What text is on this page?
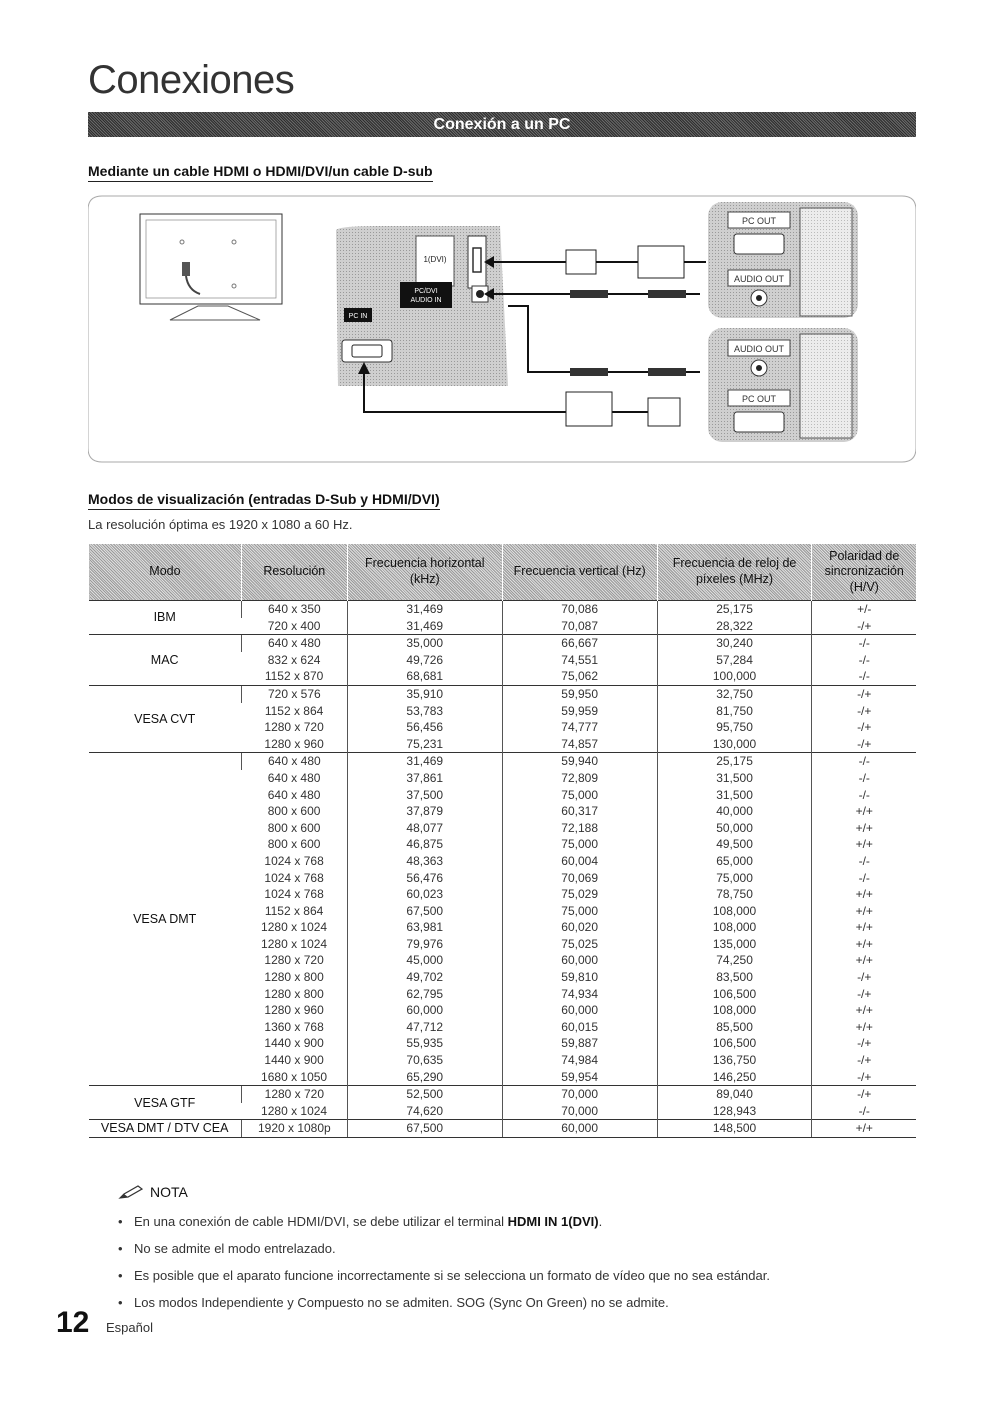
Conexiones
Conexión a un PC
Mediante un cable HDMI o HDMI/DVI/un cable D-sub
1(DVI)
PC/DVI
AUDIO IN
PC IN
PC OUT
AUDIO OUT
AUDIO OUT
PC OUT
Modos de visualización (entradas D-Sub y HDMI/DVI)
La resolución óptima es 1920 x 1080 a 60 Hz.
Modo	Resolución	Frecuencia horizontal (kHz)	Frecuencia vertical (Hz)	Frecuencia de reloj de píxeles (MHz)	Polaridad de sincronización (H/V)
IBM	640 x 350	31,469	70,086	25,175	+/-
	720 x 400	31,469	70,087	28,322	-/+
MAC	640 x 480	35,000	66,667	30,240	-/-
	832 x 624	49,726	74,551	57,284	-/-
	1152 x 870	68,681	75,062	100,000	-/-
VESA CVT	720 x 576	35,910	59,950	32,750	-/+
	1152 x 864	53,783	59,959	81,750	-/+
	1280 x 720	56,456	74,777	95,750	-/+
	1280 x 960	75,231	74,857	130,000	-/+
VESA DMT	640 x 480	31,469	59,940	25,175	-/-
	640 x 480	37,861	72,809	31,500	-/-
	640 x 480	37,500	75,000	31,500	-/-
	800 x 600	37,879	60,317	40,000	+/+
	800 x 600	48,077	72,188	50,000	+/+
	800 x 600	46,875	75,000	49,500	+/+
	1024 x 768	48,363	60,004	65,000	-/-
	1024 x 768	56,476	70,069	75,000	-/-
	1024 x 768	60,023	75,029	78,750	+/+
	1152 x 864	67,500	75,000	108,000	+/+
	1280 x 1024	63,981	60,020	108,000	+/+
	1280 x 1024	79,976	75,025	135,000	+/+
	1280 x 720	45,000	60,000	74,250	+/+
	1280 x 800	49,702	59,810	83,500	-/+
	1280 x 800	62,795	74,934	106,500	-/+
	1280 x 960	60,000	60,000	108,000	+/+
	1360 x 768	47,712	60,015	85,500	+/+
	1440 x 900	55,935	59,887	106,500	-/+
	1440 x 900	70,635	74,984	136,750	-/+
	1680 x 1050	65,290	59,954	146,250	-/+
VESA GTF	1280 x 720	52,500	70,000	89,040	-/+
	1280 x 1024	74,620	70,000	128,943	-/-
VESA DMT / DTV CEA	1920 x 1080p	67,500	60,000	148,500	+/+
NOTA
• En una conexión de cable HDMI/DVI, se debe utilizar el terminal HDMI IN 1(DVI).
• No se admite el modo entrelazado.
• Es posible que el aparato funcione incorrectamente si se selecciona un formato de vídeo que no sea estándar.
• Los modos Independiente y Compuesto no se admiten. SOG (Sync On Green) no se admite.
12 Español
